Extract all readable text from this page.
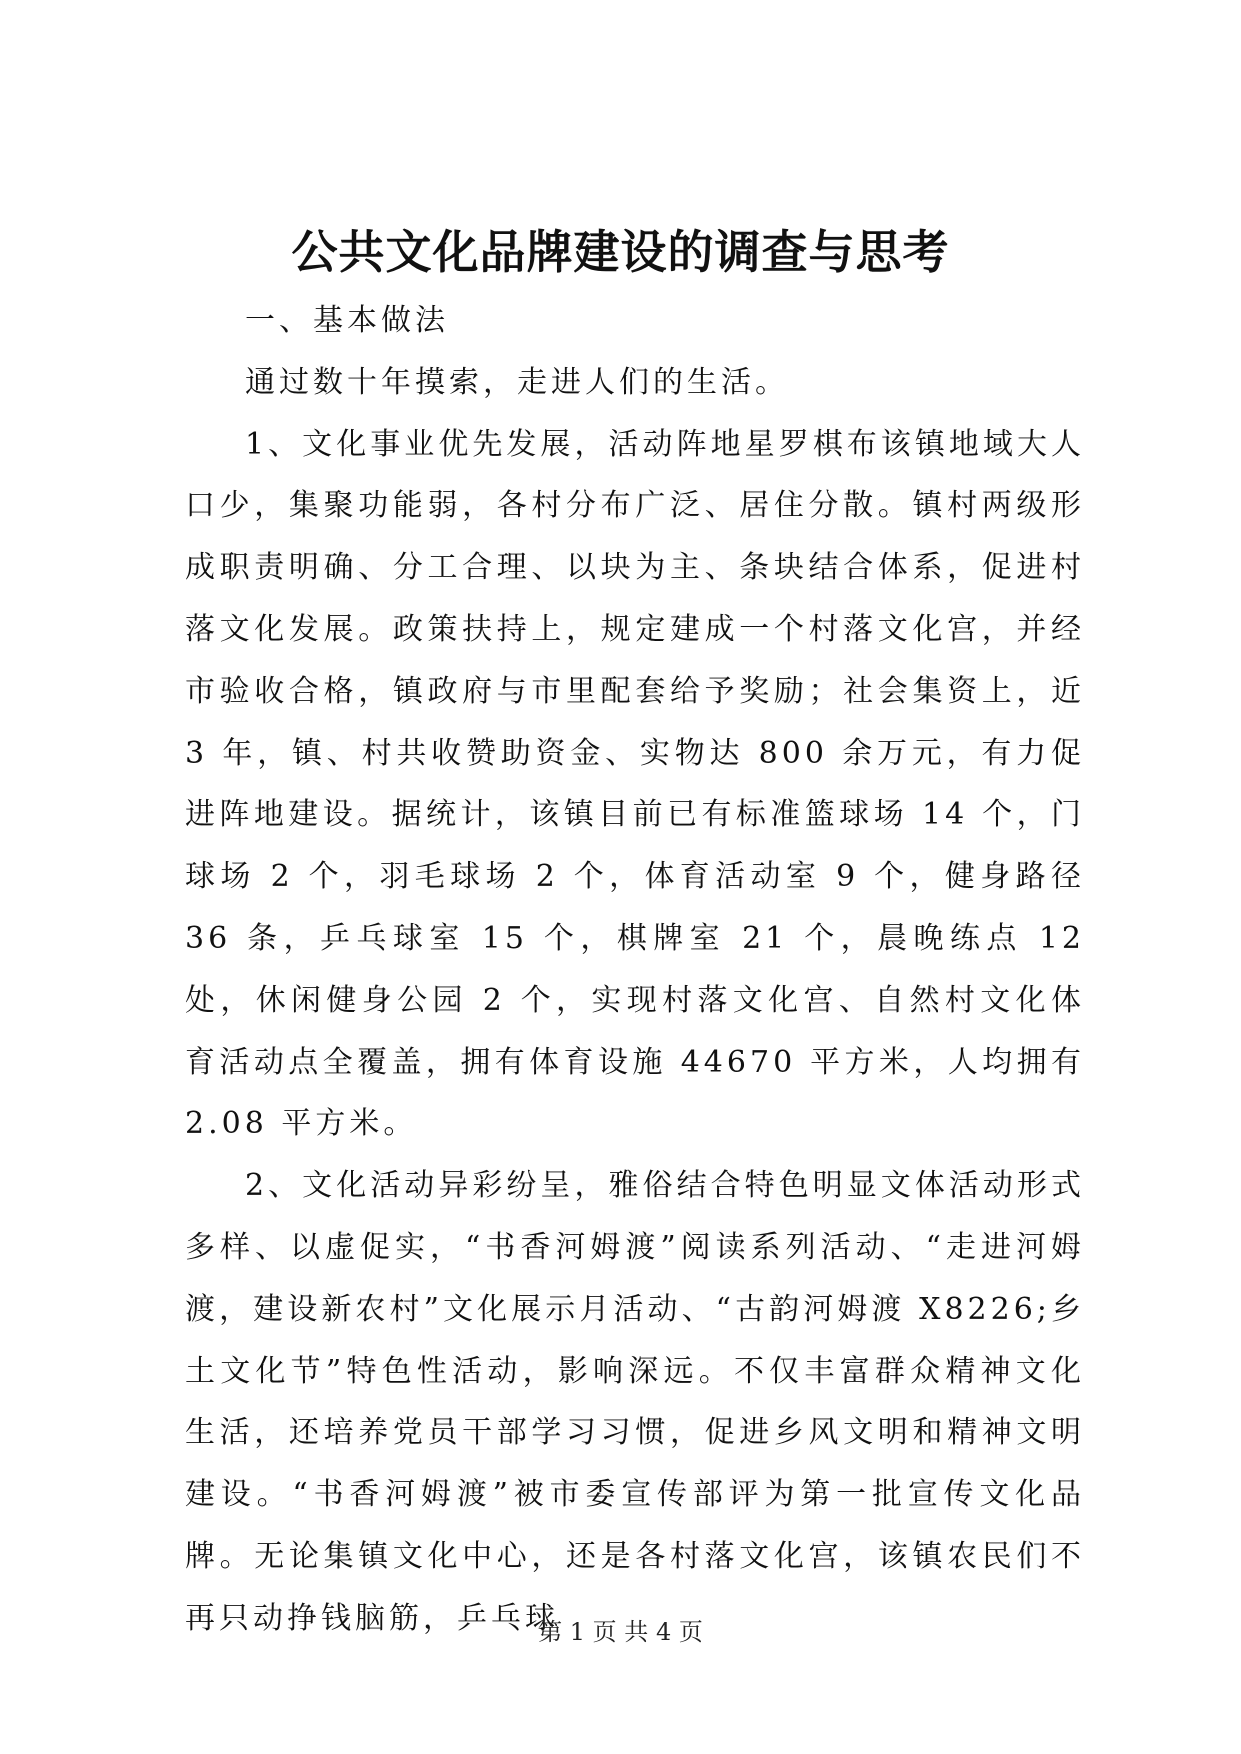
公共文化品牌建设的调查与思考

一、基本做法

通过数十年摸索，走进人们的生活。

1、文化事业优先发展，活动阵地星罗棋布该镇地域大人口少，集聚功能弱，各村分布广泛、居住分散。镇村两级形成职责明确、分工合理、以块为主、条块结合体系，促进村落文化发展。政策扶持上，规定建成一个村落文化宫，并经市验收合格，镇政府与市里配套给予奖励；社会集资上，近 3 年，镇、村共收赞助资金、实物达 800 余万元，有力促进阵地建设。据统计，该镇目前已有标准篮球场 14 个，门球场 2 个，羽毛球场 2 个，体育活动室 9 个，健身路径 36 条，乒乓球室 15 个，棋牌室 21 个，晨晚练点 12 处，休闲健身公园 2 个，实现村落文化宫、自然村文化体育活动点全覆盖，拥有体育设施 44670 平方米，人均拥有 2.08 平方米。

2、文化活动异彩纷呈，雅俗结合特色明显文体活动形式多样、以虚促实，“书香河姆渡”阅读系列活动、“走进河姆渡，建设新农村”文化展示月活动、“古韵河姆渡 X8226;乡土文化节”特色性活动，影响深远。不仅丰富群众精神文化生活，还培养党员干部学习习惯，促进乡风文明和精神文明建设。“书香河姆渡”被市委宣传部评为第一批宣传文化品牌。无论集镇文化中心，还是各村落文化宫，该镇农民们不再只动挣钱脑筋，乒乓球

第 1 页 共 4 页
